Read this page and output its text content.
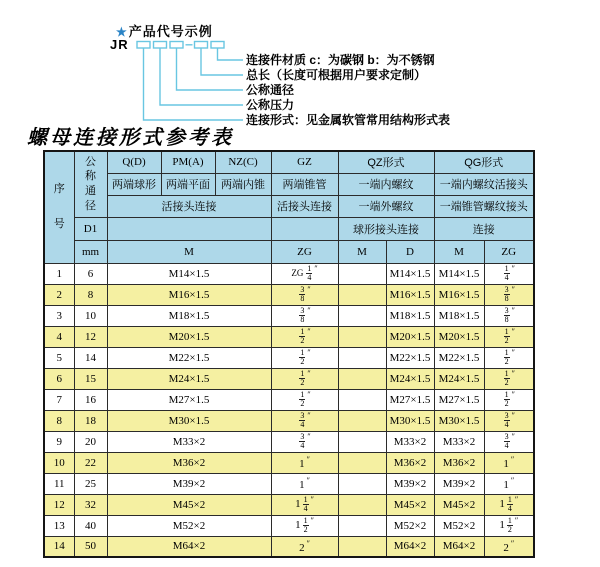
★产品代号示例
JR
连接件材质 c：为碳钢 b：为不锈钢
总长（长度可根据用户要求定制）
公称通径
公称压力
连接形式：见金属软管常用结构形式表
螺母连接形式参考表
序号	公称通径	Q(D)	PM(A)	NZ(C)	GZ	QZ形式		QG形式	
		两端球形	两端平面	两端内锥	两端锥管	一端内螺纹		一端内螺纹活接头	
		活接头连接			活接头连接	一端外螺纹		一端锥管螺纹接头	
	D1					球形接头连接		连接	
	mm	M			ZG	M	D	M	ZG
1	6	M14×1.5			ZG $\frac{1}{4} ''$		M14×1.5	M14×1.5	$\frac{1}{4} ''$
2	8	M16×1.5			$\frac{3}{8} ''$		M16×1.5	M16×1.5	$\frac{3}{8} ''$
3	10	M18×1.5			$\frac{3}{8} ''$		M18×1.5	M18×1.5	$\frac{3}{8} ''$
4	12	M20×1.5			$\frac{1}{2} ''$		M20×1.5	M20×1.5	$\frac{1}{2} ''$
5	14	M22×1.5			$\frac{1}{2} ''$		M22×1.5	M22×1.5	$\frac{1}{2} ''$
6	15	M24×1.5			$\frac{1}{2} ''$		M24×1.5	M24×1.5	$\frac{1}{2} ''$
7	16	M27×1.5			$\frac{1}{2} ''$		M27×1.5	M27×1.5	$\frac{1}{2} ''$
8	18	M30×1.5			$\frac{3}{4} ''$		M30×1.5	M30×1.5	$\frac{3}{4} ''$
9	20	M33×2			$\frac{3}{4} ''$		M33×2	M33×2	$\frac{3}{4} ''$
10	22	M36×2			1 ″		M36×2	M36×2	1 ″
11	25	M39×2			1 ″		M39×2	M39×2	1 ″
12	32	M45×2			$1 \frac{1}{4} ''$		M45×2	M45×2	$1 \frac{1}{4} ''$
13	40	M52×2			$1 \frac{1}{2} ''$		M52×2	M52×2	$1 \frac{1}{2} ''$
14	50	M64×2			2 ″		M64×2	M64×2	2 ″
